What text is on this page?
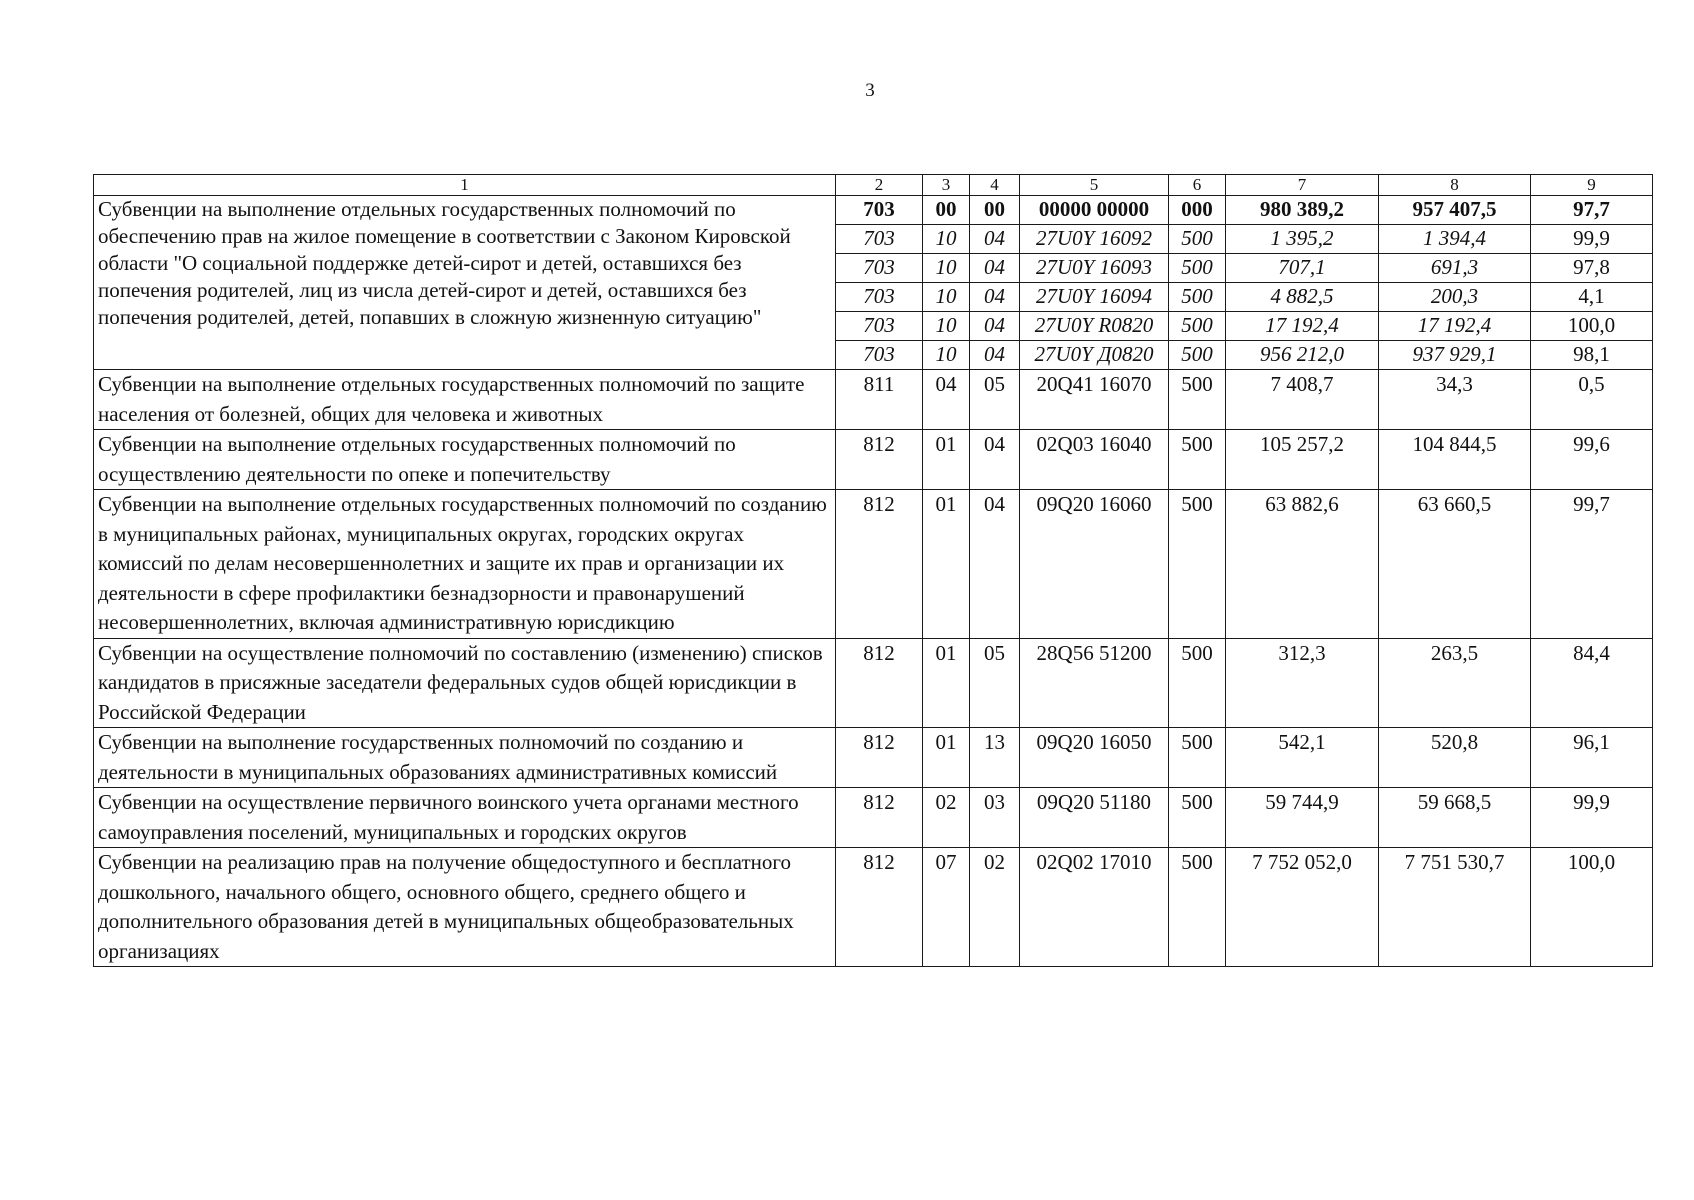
3
1	2	3	4	5	6	7	8	9
Субвенции на выполнение отдельных государственных полномочий по обеспечению прав на жилое помещение в соответствии с Законом Кировской области "О социальной поддержке детей-сирот и детей, оставшихся без попечения родителей, лиц из числа детей-сирот и детей, оставшихся без попечения родителей, детей, попавших в сложную жизненную ситуацию"	703	00	00	00000 00000	000	980 389,2	957 407,5	97,7
	703	10	04	27U0Y 16092	500	1 395,2	1 394,4	99,9
	703	10	04	27U0Y 16093	500	707,1	691,3	97,8
	703	10	04	27U0Y 16094	500	4 882,5	200,3	4,1
	703	10	04	27U0Y R0820	500	17 192,4	17 192,4	100,0
	703	10	04	27U0Y Д0820	500	956 212,0	937 929,1	98,1
Субвенции на выполнение отдельных государственных полномочий по защите населения от болезней, общих для человека и животных	811	04	05	20Q41 16070	500	7 408,7	34,3	0,5
Субвенции на выполнение отдельных государственных полномочий по осуществлению деятельности по опеке и попечительству	812	01	04	02Q03 16040	500	105 257,2	104 844,5	99,6
Субвенции на выполнение отдельных государственных полномочий по созданию в муниципальных районах, муниципальных округах, городских округах комиссий по делам несовершеннолетних и защите их прав и организации их деятельности в сфере профилактики безнадзорности и правонарушений несовершеннолетних, включая административную юрисдикцию	812	01	04	09Q20 16060	500	63 882,6	63 660,5	99,7
Субвенции на осуществление полномочий по составлению (изменению) списков кандидатов в присяжные заседатели федеральных судов общей юрисдикции в Российской Федерации	812	01	05	28Q56 51200	500	312,3	263,5	84,4
Субвенции на выполнение государственных полномочий по созданию и деятельности в муниципальных образованиях административных комиссий	812	01	13	09Q20 16050	500	542,1	520,8	96,1
Субвенции на осуществление первичного воинского учета органами местного самоуправления поселений, муниципальных и городских округов	812	02	03	09Q20 51180	500	59 744,9	59 668,5	99,9
Субвенции на реализацию прав на получение общедоступного и бесплатного дошкольного, начального общего, основного общего, среднего общего и дополнительного образования детей в муниципальных общеобразовательных организациях	812	07	02	02Q02 17010	500	7 752 052,0	7 751 530,7	100,0
